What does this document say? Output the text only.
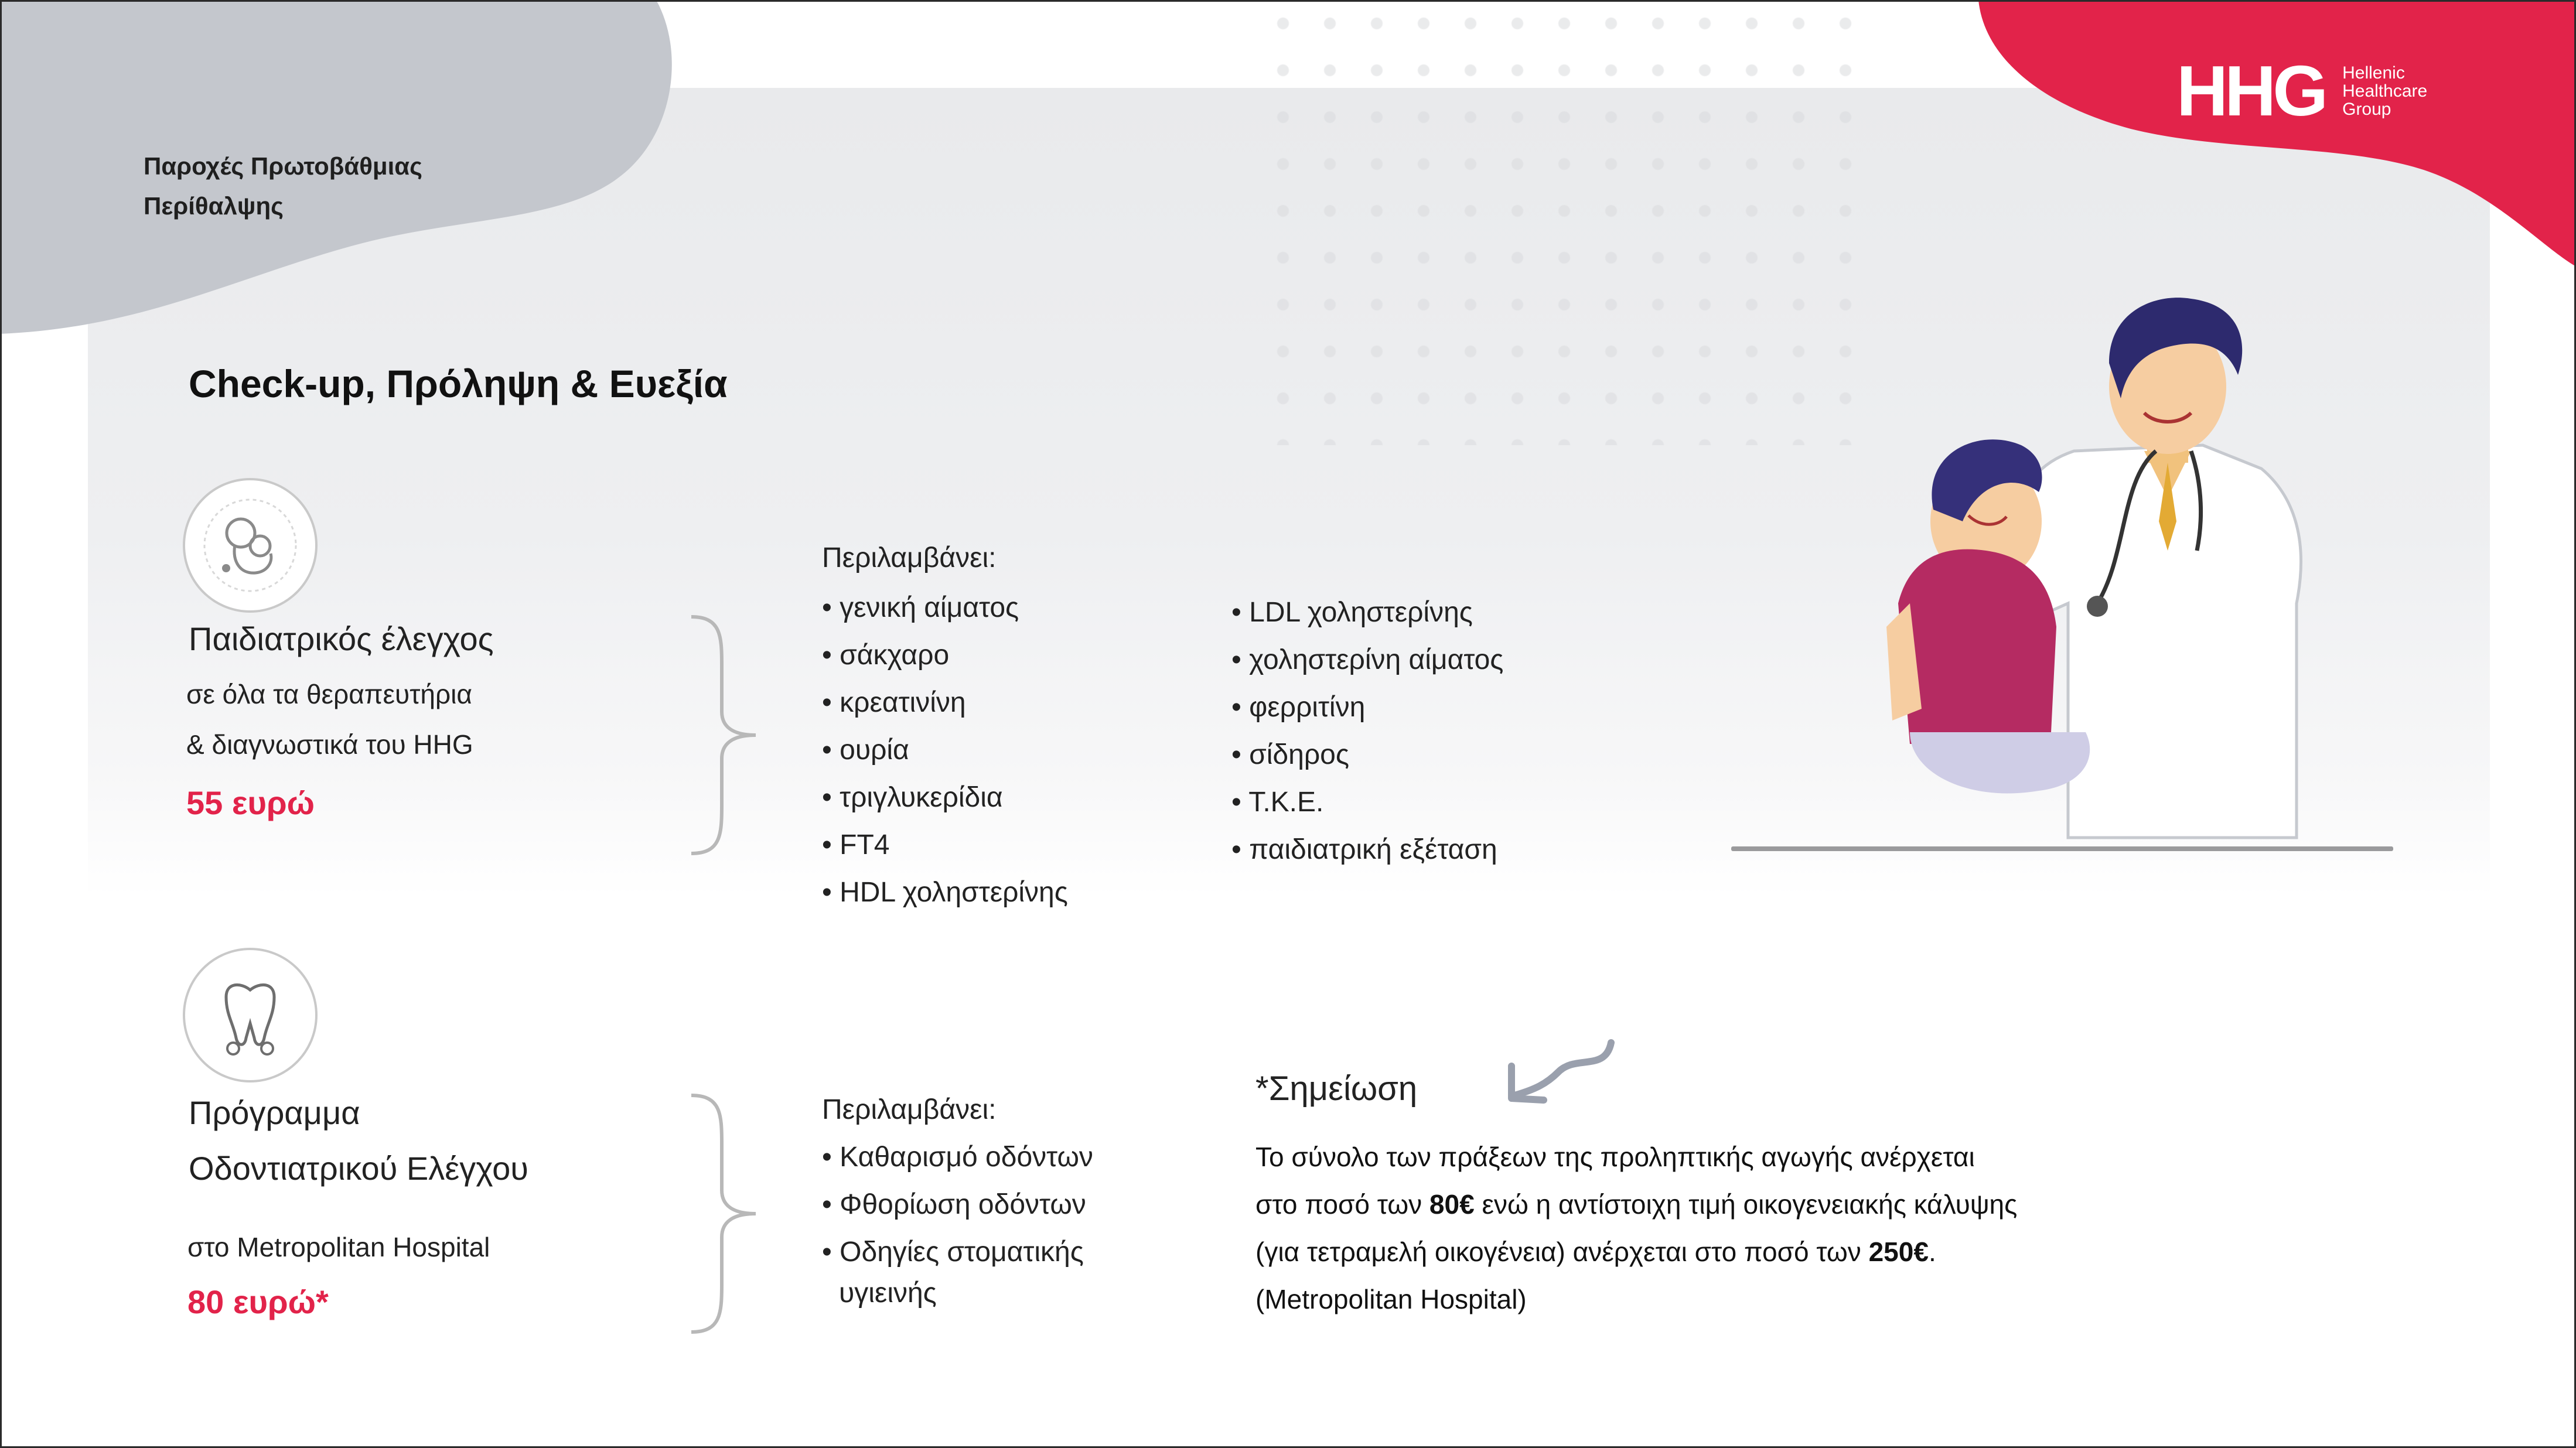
Παροχές Πρωτοβάθμιας
Περίθαλψης
HHG Hellenic
Healthcare
Group
Check-up, Πρόληψη & Ευεξία
Παιδιατρικός έλεγχος
σε όλα τα θεραπευτήρια
& διαγνωστικά του HHG
55 ευρώ
Περιλαμβάνει:
• γενική αίματος
• σάκχαρο
• κρεατινίνη
• ουρία
• τριγλυκερίδια
• FT4
• HDL χοληστερίνης
• LDL χοληστερίνης
• χοληστερίνη αίματος
• φερριτίνη
• σίδηρος
• Τ.Κ.Ε.
• παιδιατρική εξέταση
Πρόγραμμα
Οδοντιατρικού Ελέγχου
στο Metropolitan Hospital
80 ευρώ*
Περιλαμβάνει:
• Καθαρισμό οδόντων
• Φθορίωση οδόντων
• Οδηγίες στοματικής
υγιεινής
*Σημείωση

Το σύνολο των πράξεων της προληπτικής αγωγής ανέρχεται

στο ποσό των 80€ ενώ η αντίστοιχη τιμή οικογενειακής κάλυψης

(για τετραμελή οικογένεια) ανέρχεται στο ποσό των 250€.

(Metropolitan Hospital)
